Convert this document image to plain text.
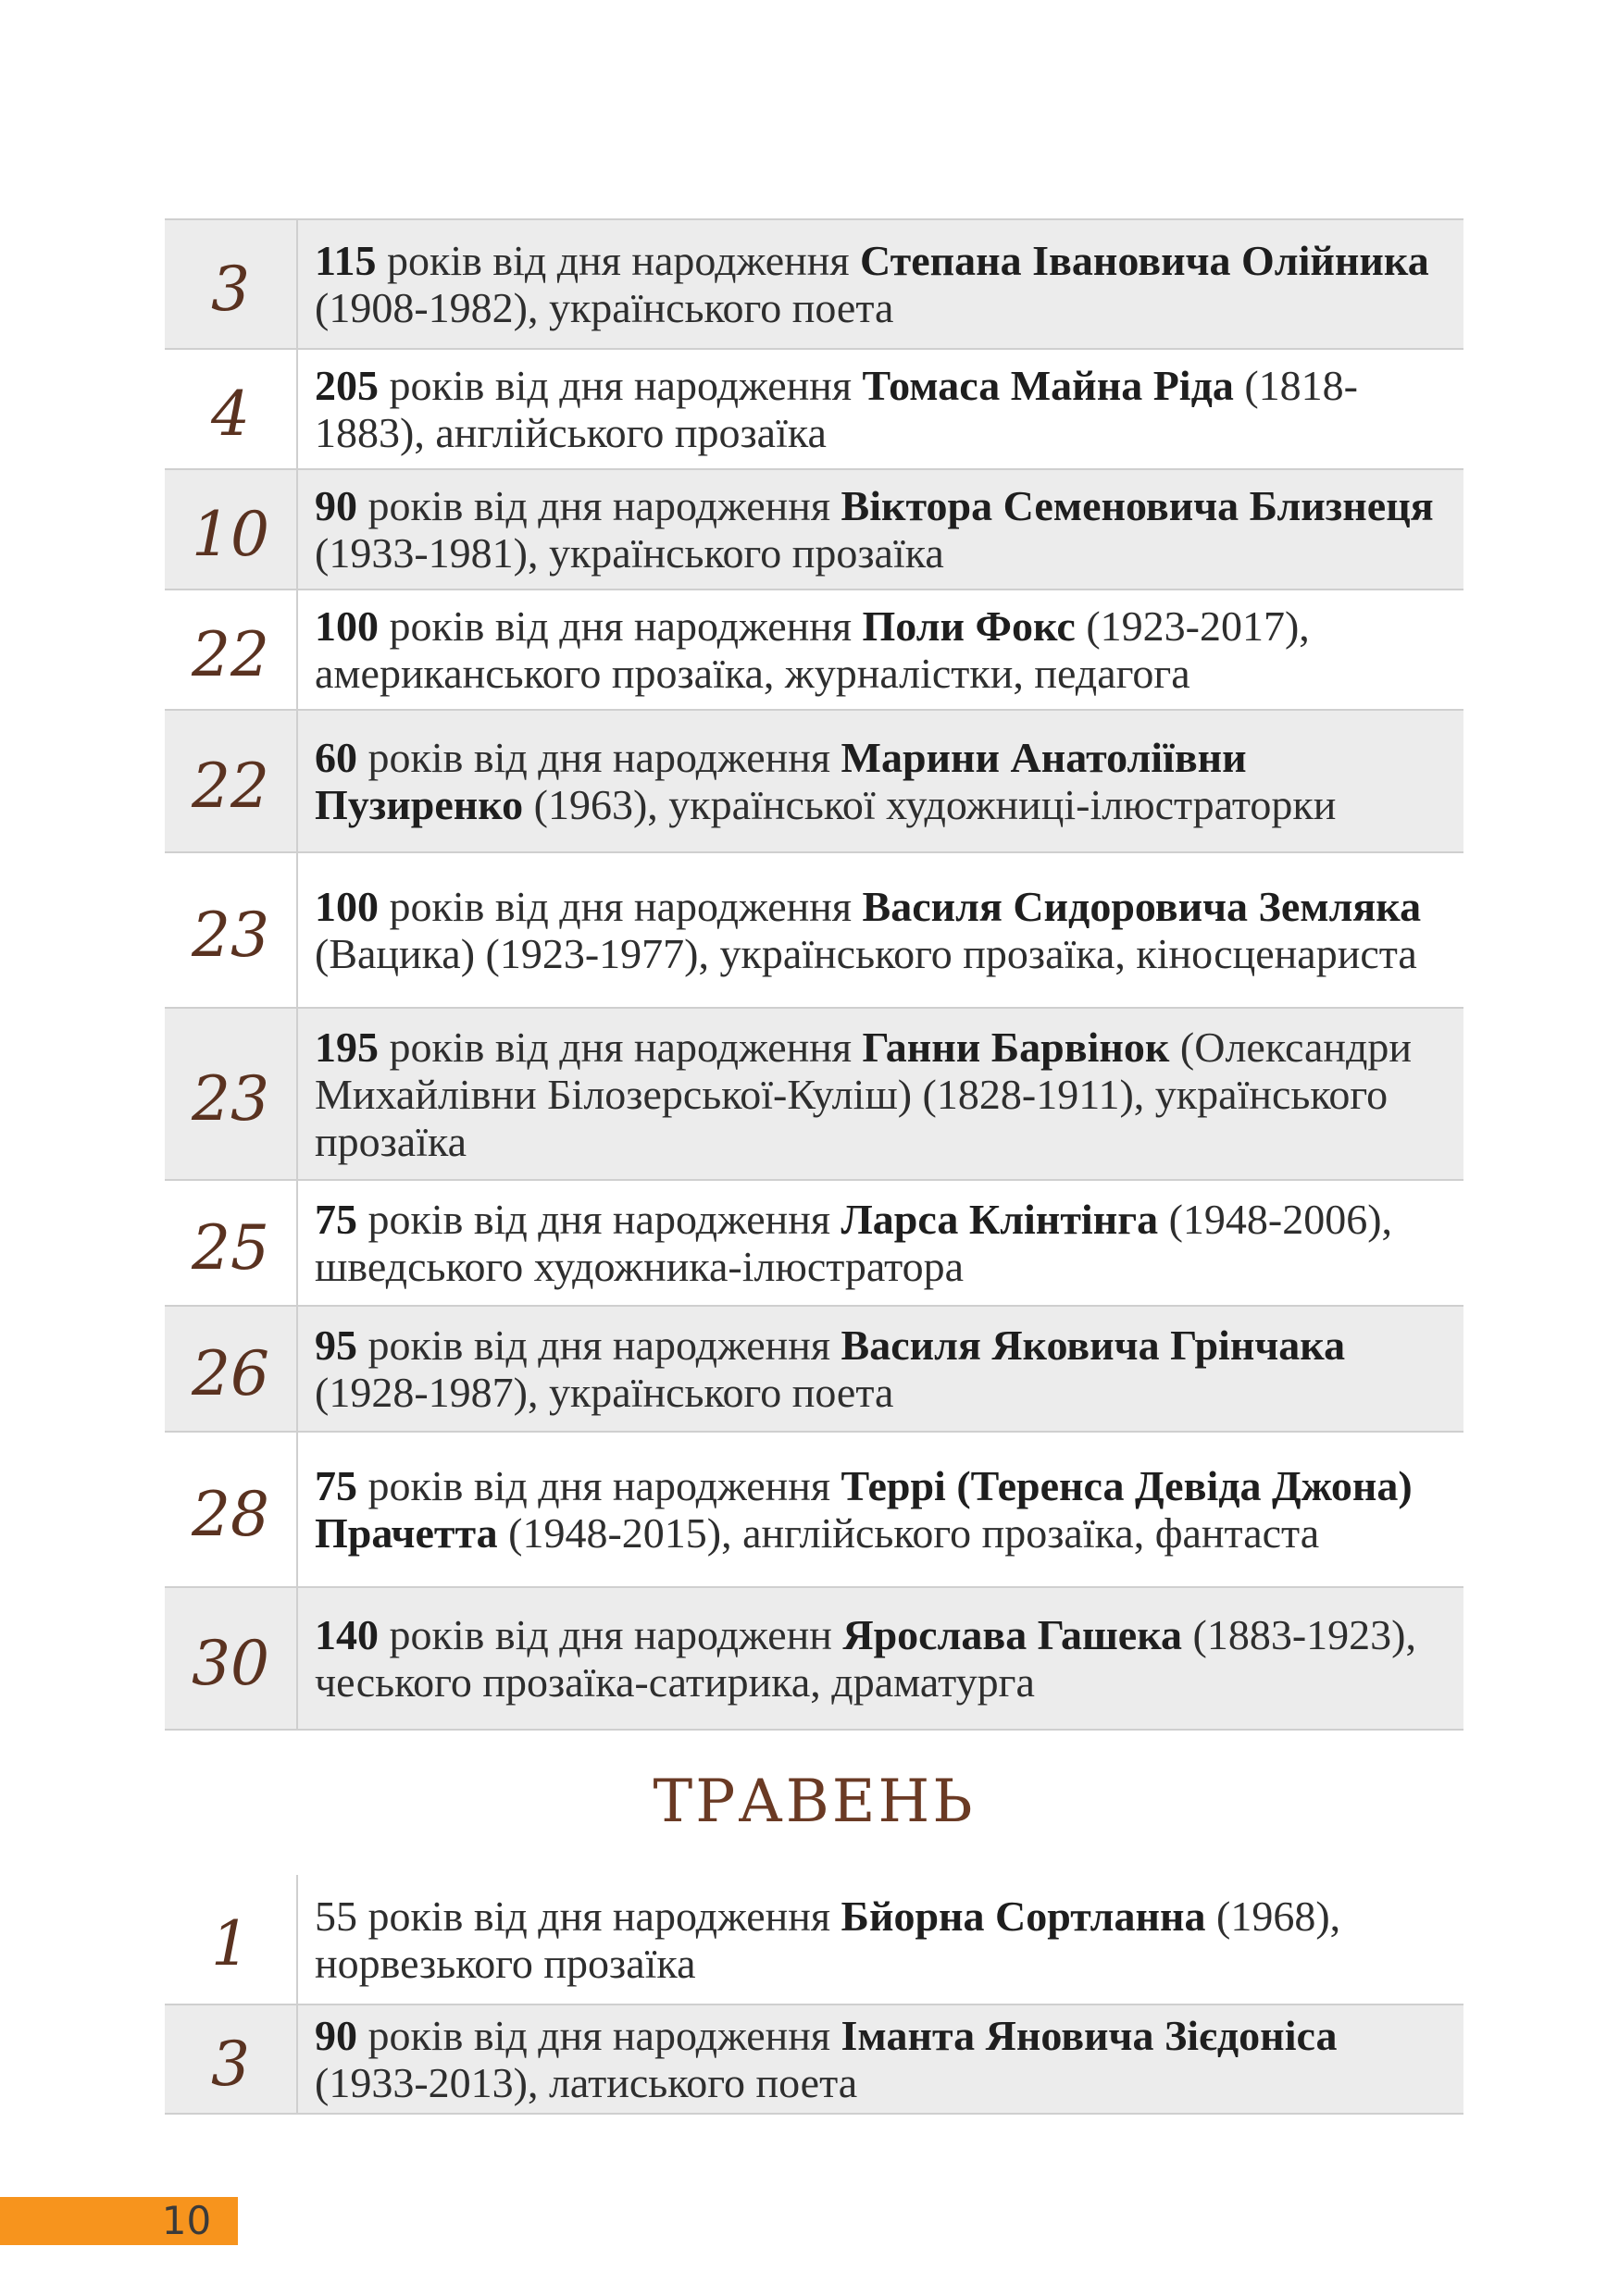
3	115 років від дня народження Степана Івановича Олійника (1908-1982), українського поета
4	205 років від дня народження Томаса Майна Ріда (1818-1883), англійського прозаїка
10	90 років від дня народження Віктора Семеновича Близнеця (1933-1981), українського прозаїка
22	100 років від дня народження Поли Фокс (1923-2017), американського прозаїка, журналістки, педагога
22	60 років від дня народження Марини Анатоліївни Пузиренко (1963), української художниці-ілюстраторки
23	100 років від дня народження Василя Сидоровича Земляка (Вацика) (1923-1977), українського прозаїка, кіносценариста
23	195 років від дня народження Ганни Барвінок (Олександри Михайлівни Білозерської-Куліш) (1828-1911), українського прозаїка
25	75 років від дня народження Ларса Клінтінга (1948-2006), шведського художника-ілюстратора
26	95 років від дня народження Василя Яковича Грінчака (1928-1987), українського поета
28	75 років від дня народження Террі (Теренса Девіда Джона) Прачетта (1948-2015), англійського прозаїка, фантаста
30	140 років від дня народженн Ярослава Гашека (1883-1923), чеського прозаїка-сатирика, драматурга
ТРАВЕНЬ
1	55 років від дня народження Бйорна Сортланна (1968), норвезького прозаїка
3	90 років від дня народження Іманта Яновича Зієдоніса (1933-2013), латиського поета
10
